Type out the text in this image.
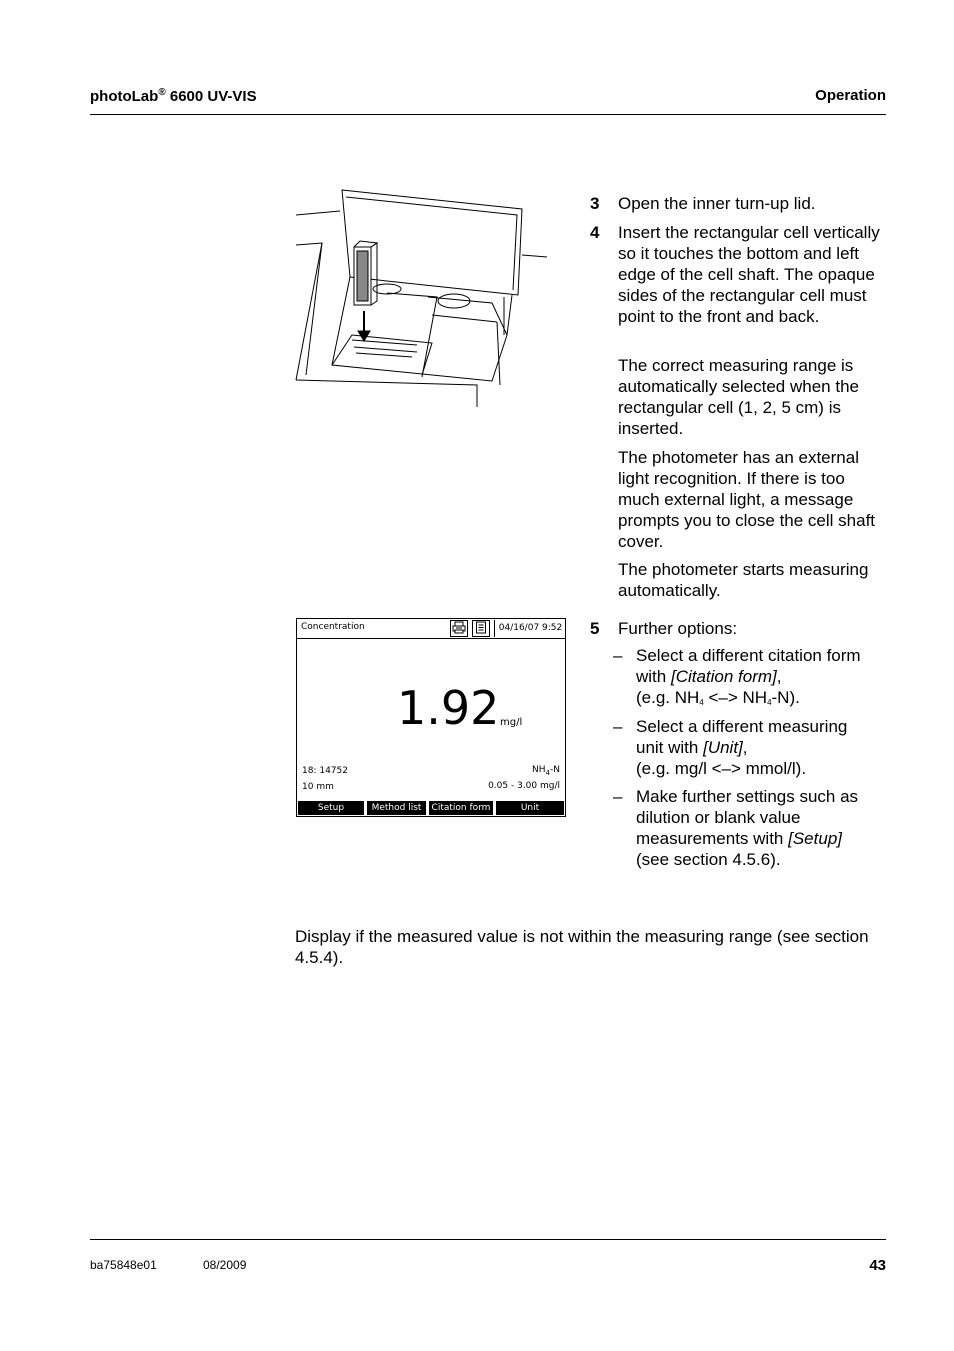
photoLab® 6600 UV-VIS	Operation
3 Open the inner turn-up lid.
4 Insert the rectangular cell vertically so it touches the bottom and left edge of the cell shaft. The opaque sides of the rectangular cell must point to the front and back.
The correct measuring range is automatically selected when the rectangular cell (1, 2, 5 cm) is inserted.
The photometer has an external light recognition. If there is too much external light, a message prompts you to close the cell shaft cover.
The photometer starts measuring automatically.
Concentration	04/16/07 9:52
1.92 mg/l
18: 14752
10 mm
$NH_4-N$
0.05 - 3.00 mg/l
Setup	Method list	Citation form	Unit
5 Further options:
– Select a different citation form
with [Citation form],
(e.g. $NH_4$ <–> $NH_4-N$).
– Select a different measuring
unit with [Unit],
(e.g. mg/l <–> mmol/l).
– Make further settings such as dilution or blank value measurements with [Setup]
(see section 4.5.6).
Display if the measured value is not within the measuring range (see section 4.5.4).
ba75848e01	08/2009	43
